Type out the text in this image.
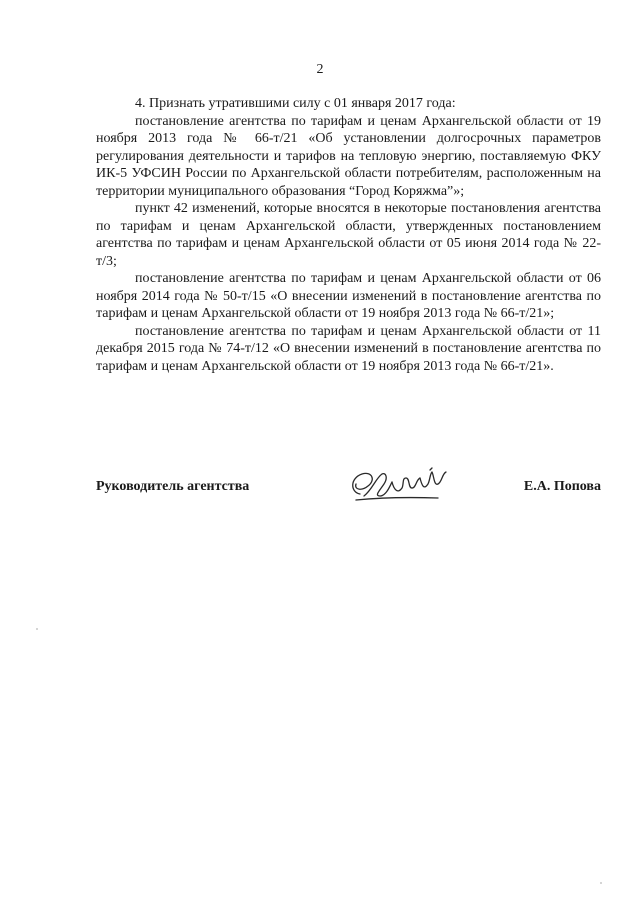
2

4. Признать утратившими силу с 01 января 2017 года:

постановление агентства по тарифам и ценам Архангельской области от 19 ноября 2013 года № 66-т/21 «Об установлении долгосрочных параметров регулирования деятельности и тарифов на тепловую энергию, поставляемую ФКУ ИК-5 УФСИН России по Архангельской области потребителям, расположенным на территории муниципального образования “Город Коряжма”»;

пункт 42 изменений, которые вносятся в некоторые постановления агентства по тарифам и ценам Архангельской области, утвержденных постановлением агентства по тарифам и ценам Архангельской области от 05 июня 2014 года № 22-т/3;

постановление агентства по тарифам и ценам Архангельской области от 06 ноября 2014 года № 50-т/15 «О внесении изменений в постановление агентства по тарифам и ценам Архангельской области от 19 ноября 2013 года № 66-т/21»;

постановление агентства по тарифам и ценам Архангельской области от 11 декабря 2015 года № 74-т/12 «О внесении изменений в постановление агентства по тарифам и ценам Архангельской области от 19 ноября 2013 года № 66-т/21».

Руководитель агентства	Е.А. Попова
